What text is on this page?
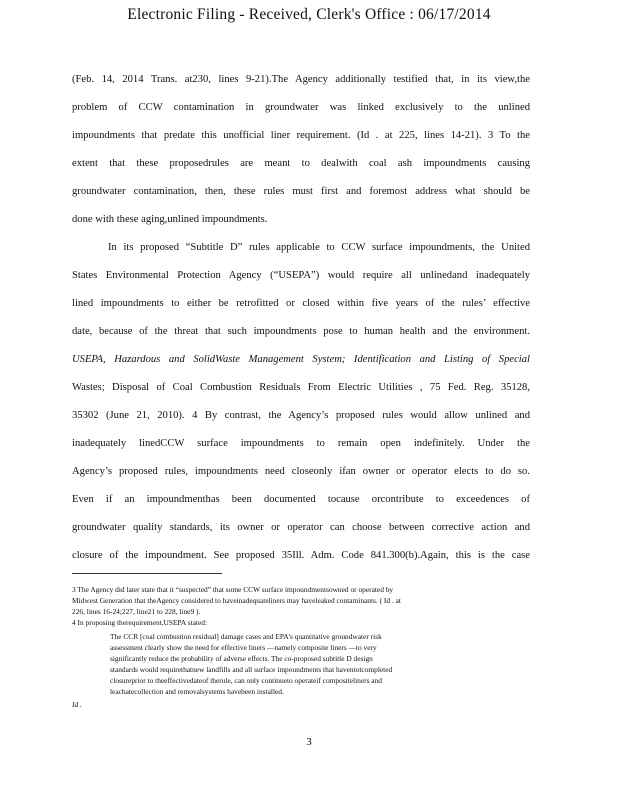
Electronic Filing - Received, Clerk's Office : 06/17/2014
(Feb. 14, 2014 Trans. at230, lines 9-21).The Agency additionally testified that, in its view,the
problem of CCW contamination in groundwater was linked exclusively to the unlined
impoundments that predate this unofficial liner requirement. (Id . at 225, lines 14-21). 3 To the
extent that these proposedrules are meant to dealwith coal ash impoundments causing
groundwater contamination, then, these rules must first and foremost address what should be
done with these aging,unlined impoundments.
In its proposed “Subtitle D” rules applicable to CCW surface impoundments, the United
States Environmental Protection Agency (“USEPA”) would require all unlinedand inadequately
lined impoundments to either be retrofitted or closed within five years of the rules’ effective
date, because of the threat that such impoundments pose to human health and the environment.
USEPA, Hazardous and SolidWaste Management System; Identification and Listing of Special
Wastes; Disposal of Coal Combustion Residuals From Electric Utilities , 75 Fed. Reg. 35128,
35302 (June 21, 2010). 4 By contrast, the Agency’s proposed rules would allow unlined and
inadequately linedCCW surface impoundments to remain open indefinitely. Under the
Agency’s proposed rules, impoundments need closeonly ifan owner or operator elects to do so.
Even if an impoundmenthas been documented tocause orcontribute to exceedences of
groundwater quality standards, its owner or operator can choose between corrective action and
closure of the impoundment. See proposed 35Ill. Adm. Code 841.300(b).Again, this is the case
3 The Agency did later state that it “suspected” that some CCW surface impoundmentsowned or operated by
Midwest Generation that theAgency considered to haveinadequateliners may haveleaked contaminants. ( Id . at
226, lines 16-24;227, line21 to 228, line9 ).
4 In proposing therequirement,USEPA stated:
The CCR [coal combustion residual] damage cases and EPA's quantitative groundwater risk
assessment clearly show the need for effective liners —namely composite liners —to very
significantly reduce the probability of adverse effects. The co-proposed subtitle D design
standards would requirethatnew landfills and all surface impoundments that haventotcompleted
closureprior to theeffectivedateof therule, can only continueto operateif compositeliners and
leachatecollection and removalsystems havebeen installed.
Id .
3
